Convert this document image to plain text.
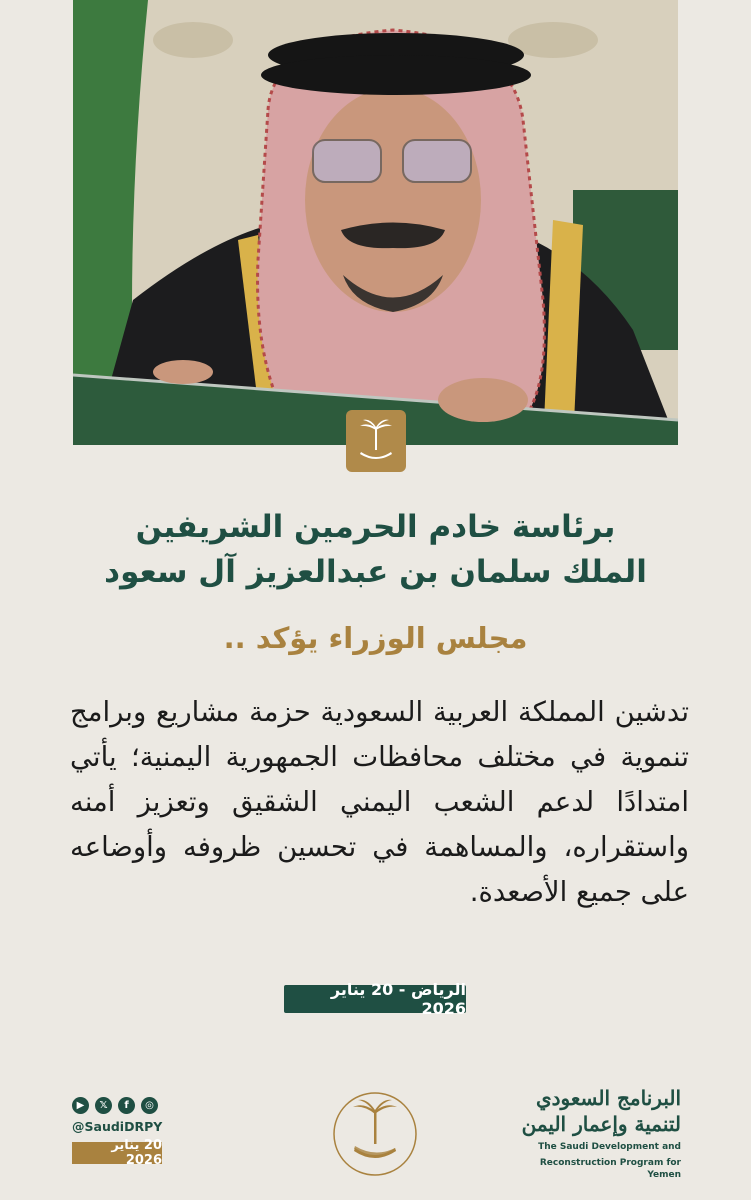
برئاسة خادم الحرمين الشريفين
الملك سلمان بن عبدالعزيز آل سعود
مجلس الوزراء يؤكد ..
تدشين المملكة العربية السعودية حزمة مشاريع وبرامج تنموية في مختلف محافظات الجمهورية اليمنية؛ يأتي امتدادًا لدعم الشعب اليمني الشقيق وتعزيز أمنه واستقراره، والمساهمة في تحسين ظروفه وأوضاعه على جميع الأصعدة.
الرياض - 20 يناير 2026
▶	𝕏	f	◎
@SaudiDRPY
20 يناير 2026
البرنامج السعودي
لتنمية وإعمار اليمن
The Saudi Development and
Reconstruction Program for Yemen
